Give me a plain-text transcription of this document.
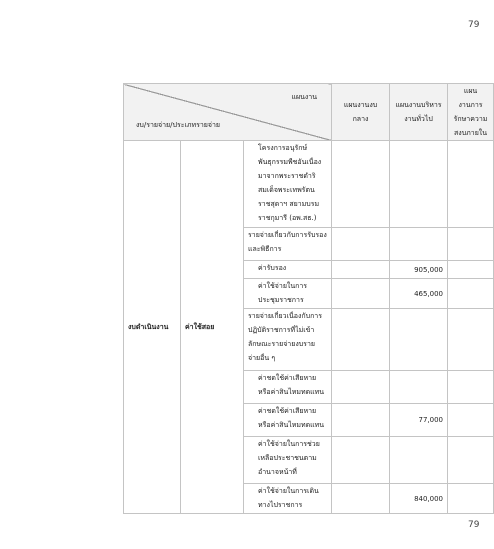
79
แผนงาน
งบ/รายจ่าย/ประเภทรายจ่าย			แผนงานงบกลาง	แผนงานบริหารงานทั่วไป	แผนงานการรักษาความสงบภายใน
งบดำเนินงาน	ค่าใช้สอย	โครงการอนุรักษ์พันธุกรรมพืชอันเนื่องมาจากพระราชดำริสมเด็จพระเทพรัตนราชสุดาฯ สยามบรมราชกุมารี (อพ.สธ.)			
		รายจ่ายเกี่ยวกับการรับรองและพิธีการ			
		ค่ารับรอง		905,000	
		ค่าใช้จ่ายในการประชุมราชการ		465,000	
		รายจ่ายเกี่ยวเนื่องกับการปฏิบัติราชการที่ไม่เข้าลักษณะรายจ่ายงบรายจ่ายอื่น ๆ			
		ค่าชดใช้ค่าเสียหายหรือค่าสินไหมทดแทน			
		ค่าชดใช้ค่าเสียหายหรือค่าสินไหมทดแทน		77,000	
		ค่าใช้จ่ายในการช่วยเหลือประชาชนตามอำนาจหน้าที่			
		ค่าใช้จ่ายในการเดินทางไปราชการ		840,000	
79
